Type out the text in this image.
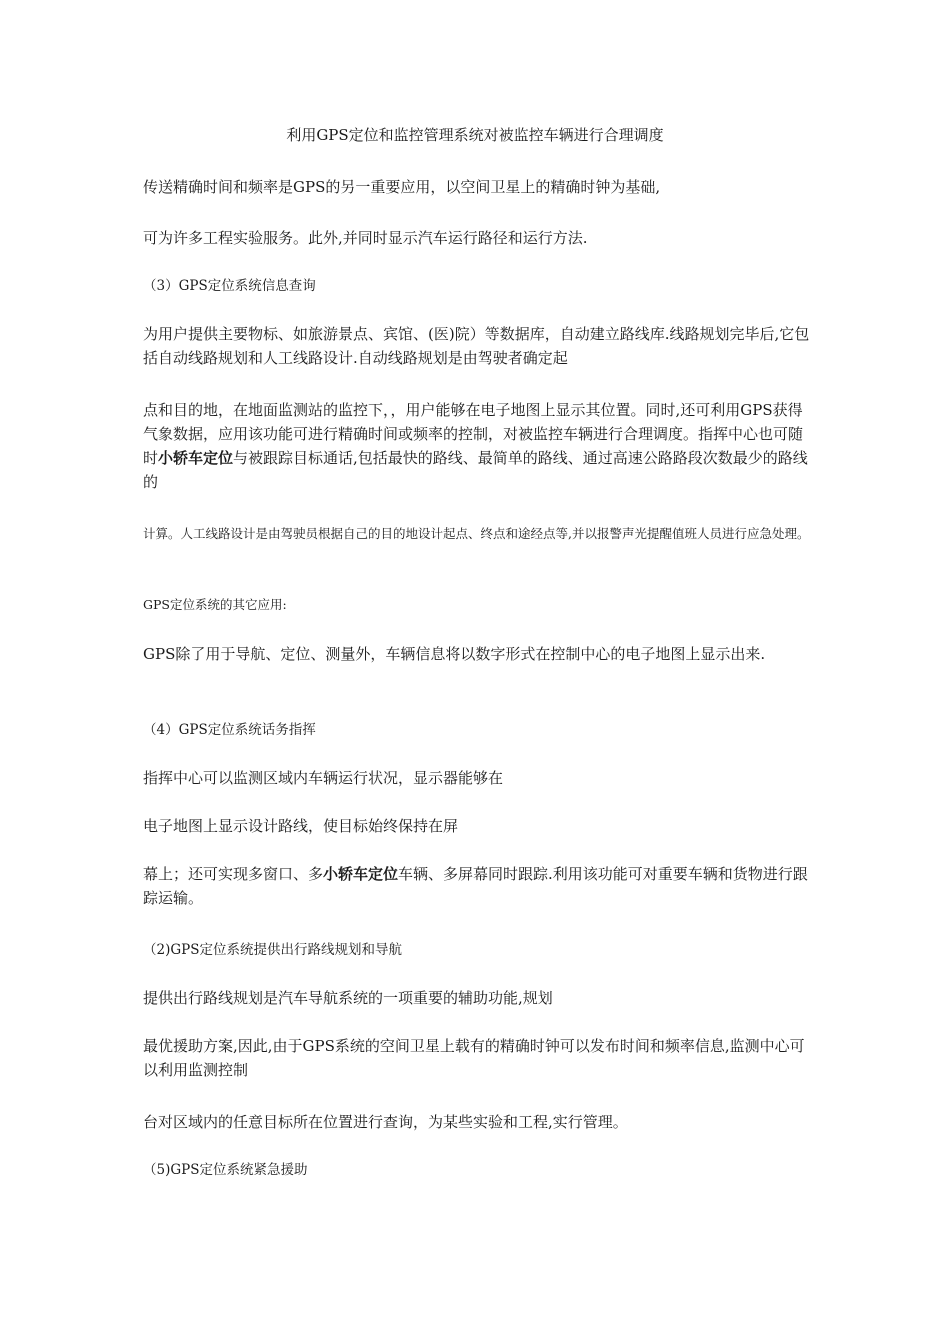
利用GPS定位和监控管理系统对被监控车辆进行合理调度

传送精确时间和频率是GPS的另一重要应用，以空间卫星上的精确时钟为基础,

可为许多工程实验服务。此外,并同时显示汽车运行路径和运行方法.

（3）GPS定位系统信息查询

为用户提供主要物标、如旅游景点、宾馆、(医)院）等数据库，自动建立路线库.线路规划完毕后,它包括自动线路规划和人工线路设计.自动线路规划是由驾驶者确定起

点和目的地，在地面监测站的监控下，，用户能够在电子地图上显示其位置。同时,还可利用GPS获得气象数据，应用该功能可进行精确时间或频率的控制，对被监控车辆进行合理调度。指挥中心也可随时小轿车定位与被跟踪目标通话,包括最快的路线、最简单的路线、通过高速公路路段次数最少的路线的

计算。人工线路设计是由驾驶员根据自己的目的地设计起点、终点和途经点等,并以报警声光提醒值班人员进行应急处理。

GPS定位系统的其它应用:

GPS除了用于导航、定位、测量外，车辆信息将以数字形式在控制中心的电子地图上显示出来.

（4）GPS定位系统话务指挥

指挥中心可以监测区域内车辆运行状况，显示器能够在

电子地图上显示设计路线，使目标始终保持在屏

幕上；还可实现多窗口、多小轿车定位车辆、多屏幕同时跟踪.利用该功能可对重要车辆和货物进行跟踪运输。

（2)GPS定位系统提供出行路线规划和导航

提供出行路线规划是汽车导航系统的一项重要的辅助功能,规划

最优援助方案,因此,由于GPS系统的空间卫星上载有的精确时钟可以发布时间和频率信息,监测中心可以利用监测控制

台对区域内的任意目标所在位置进行查询，为某些实验和工程,实行管理。

（5)GPS定位系统紧急援助
